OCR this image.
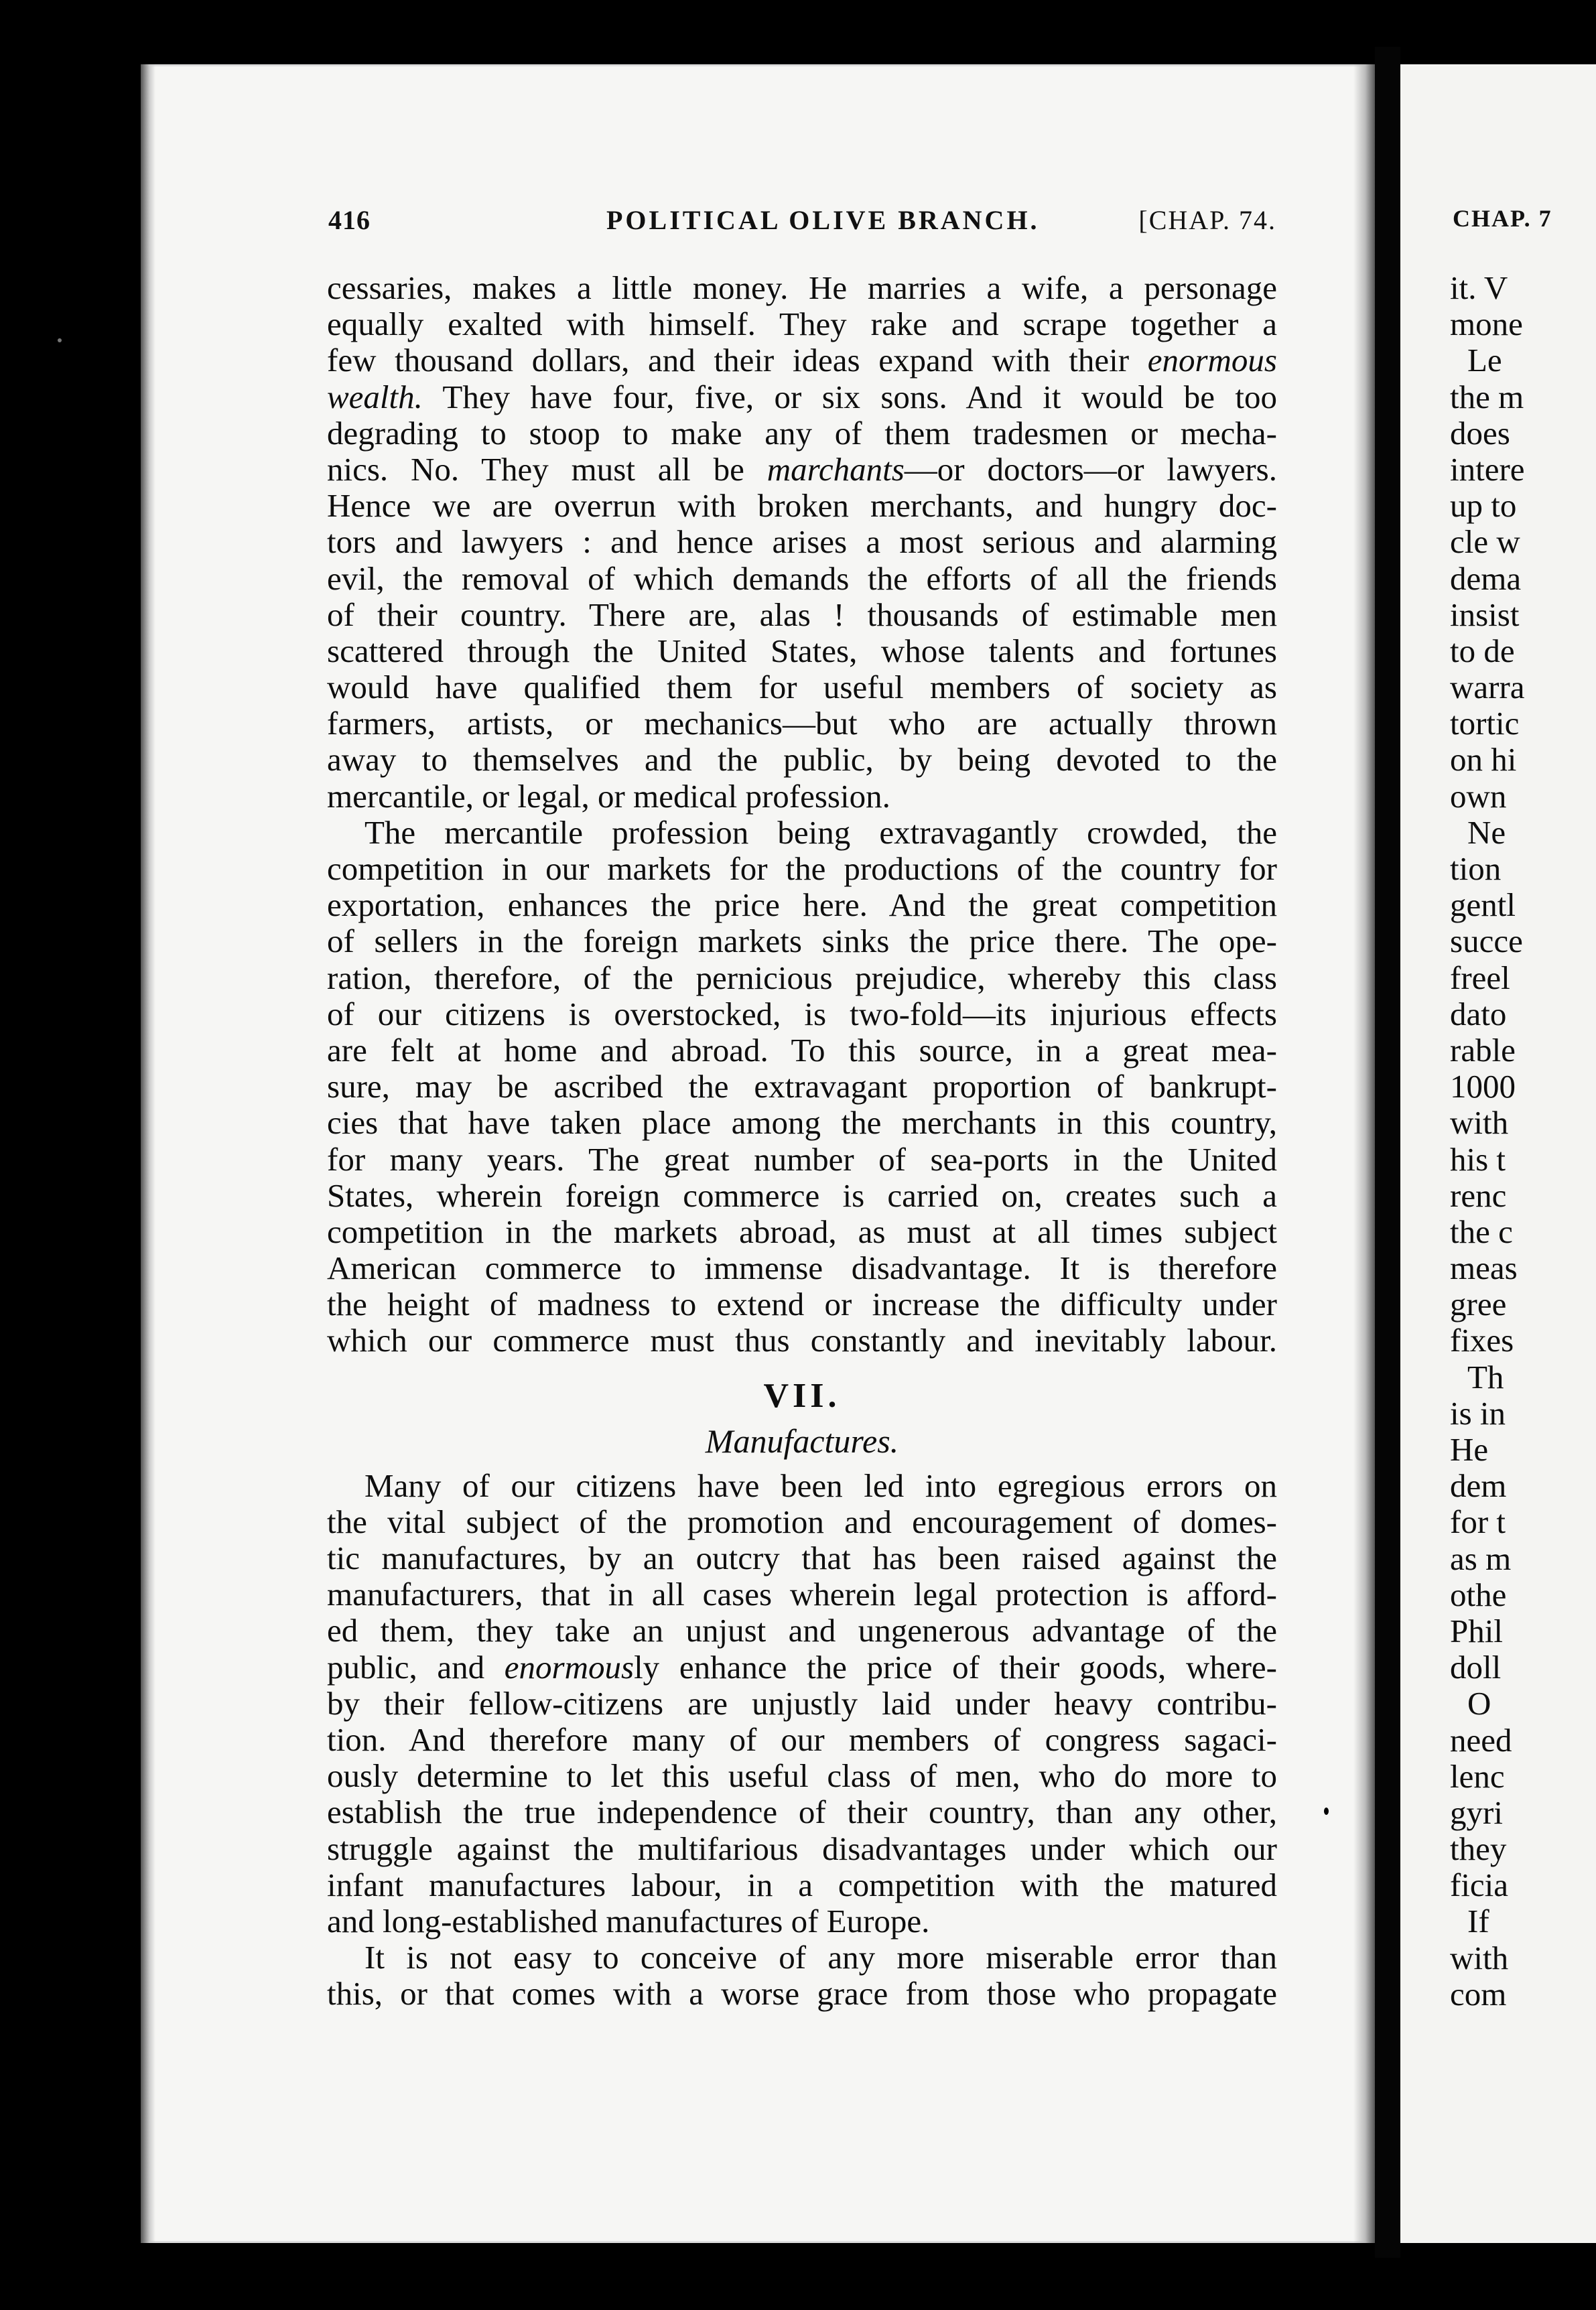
416	POLITICAL OLIVE BRANCH.	[CHAP. 74.
cessaries, makes a little money. He marries a wife, a personage
equally exalted with himself. They rake and scrape together a
few thousand dollars, and their ideas expand with their enormous
wealth. They have four, five, or six sons. And it would be too
degrading to stoop to make any of them tradesmen or mecha-
nics. No. They must all be marchants—or doctors—or lawyers.
Hence we are overrun with broken merchants, and hungry doc-
tors and lawyers : and hence arises a most serious and alarming
evil, the removal of which demands the efforts of all the friends
of their country. There are, alas ! thousands of estimable men
scattered through the United States, whose talents and fortunes
would have qualified them for useful members of society as
farmers, artists, or mechanics—but who are actually thrown
away to themselves and the public, by being devoted to the
mercantile, or legal, or medical profession.
The mercantile profession being extravagantly crowded, the
competition in our markets for the productions of the country for
exportation, enhances the price here. And the great competition
of sellers in the foreign markets sinks the price there. The ope-
ration, therefore, of the pernicious prejudice, whereby this class
of our citizens is overstocked, is two-fold—its injurious effects
are felt at home and abroad. To this source, in a great mea-
sure, may be ascribed the extravagant proportion of bankrupt-
cies that have taken place among the merchants in this country,
for many years. The great number of sea-ports in the United
States, wherein foreign commerce is carried on, creates such a
competition in the markets abroad, as must at all times subject
American commerce to immense disadvantage. It is therefore
the height of madness to extend or increase the difficulty under
which our commerce must thus constantly and inevitably labour.
VII.
Manufactures.
Many of our citizens have been led into egregious errors on
the vital subject of the promotion and encouragement of domes-
tic manufactures, by an outcry that has been raised against the
manufacturers, that in all cases wherein legal protection is afford-
ed them, they take an unjust and ungenerous advantage of the
public, and enormously enhance the price of their goods, where-
by their fellow-citizens are unjustly laid under heavy contribu-
tion. And therefore many of our members of congress sagaci-
ously determine to let this useful class of men, who do more to
establish the true independence of their country, than any other,
struggle against the multifarious disadvantages under which our
infant manufactures labour, in a competition with the matured
and long-established manufactures of Europe.
It is not easy to conceive of any more miserable error than
this, or that comes with a worse grace from those who propagate
CHAP. 7
it. V
mone
Le
the m
does
intere
up to
cle w
dema
insist
to de
warra
tortic
on hi
own
Ne
tion
gentl
succe
freel
dato
rable
1000
with
his t
renc
the c
meas
gree
fixes
Th
is in
He
dem
for t
as m
othe
Phil
doll
O
need
lenc
gyri
they
ficia
If
with
com
